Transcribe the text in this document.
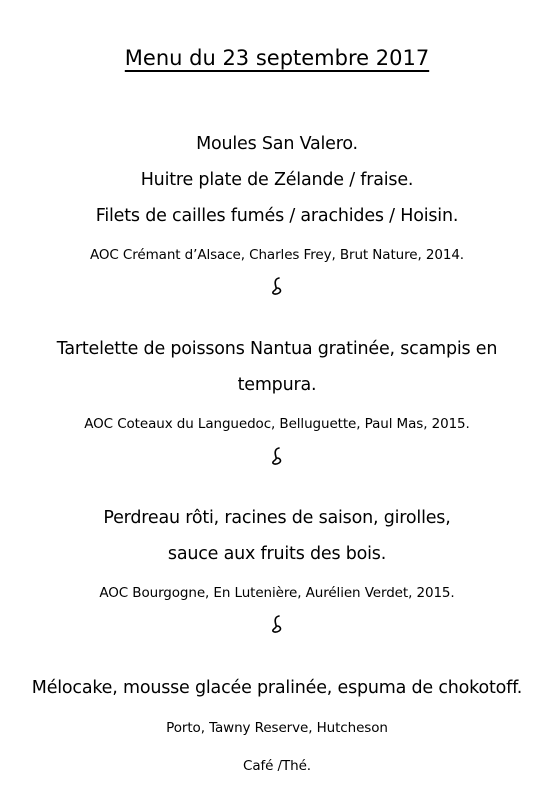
Menu du 23 septembre 2017
Moules San Valero.
Huitre plate de Zélande / fraise.
Filets de cailles fumés / arachides / Hoisin.
AOC Crémant d’Alsace, Charles Frey, Brut Nature, 2014.
Tartelette de poissons Nantua gratinée, scampis en
tempura.
AOC Coteaux du Languedoc, Belluguette, Paul Mas, 2015.
Perdreau rôti, racines de saison, girolles,
sauce aux fruits des bois.
AOC Bourgogne, En Lutenière, Aurélien Verdet, 2015.
Mélocake, mousse glacée pralinée, espuma de chokotoff.
Porto, Tawny Reserve, Hutcheson
Café /Thé.
